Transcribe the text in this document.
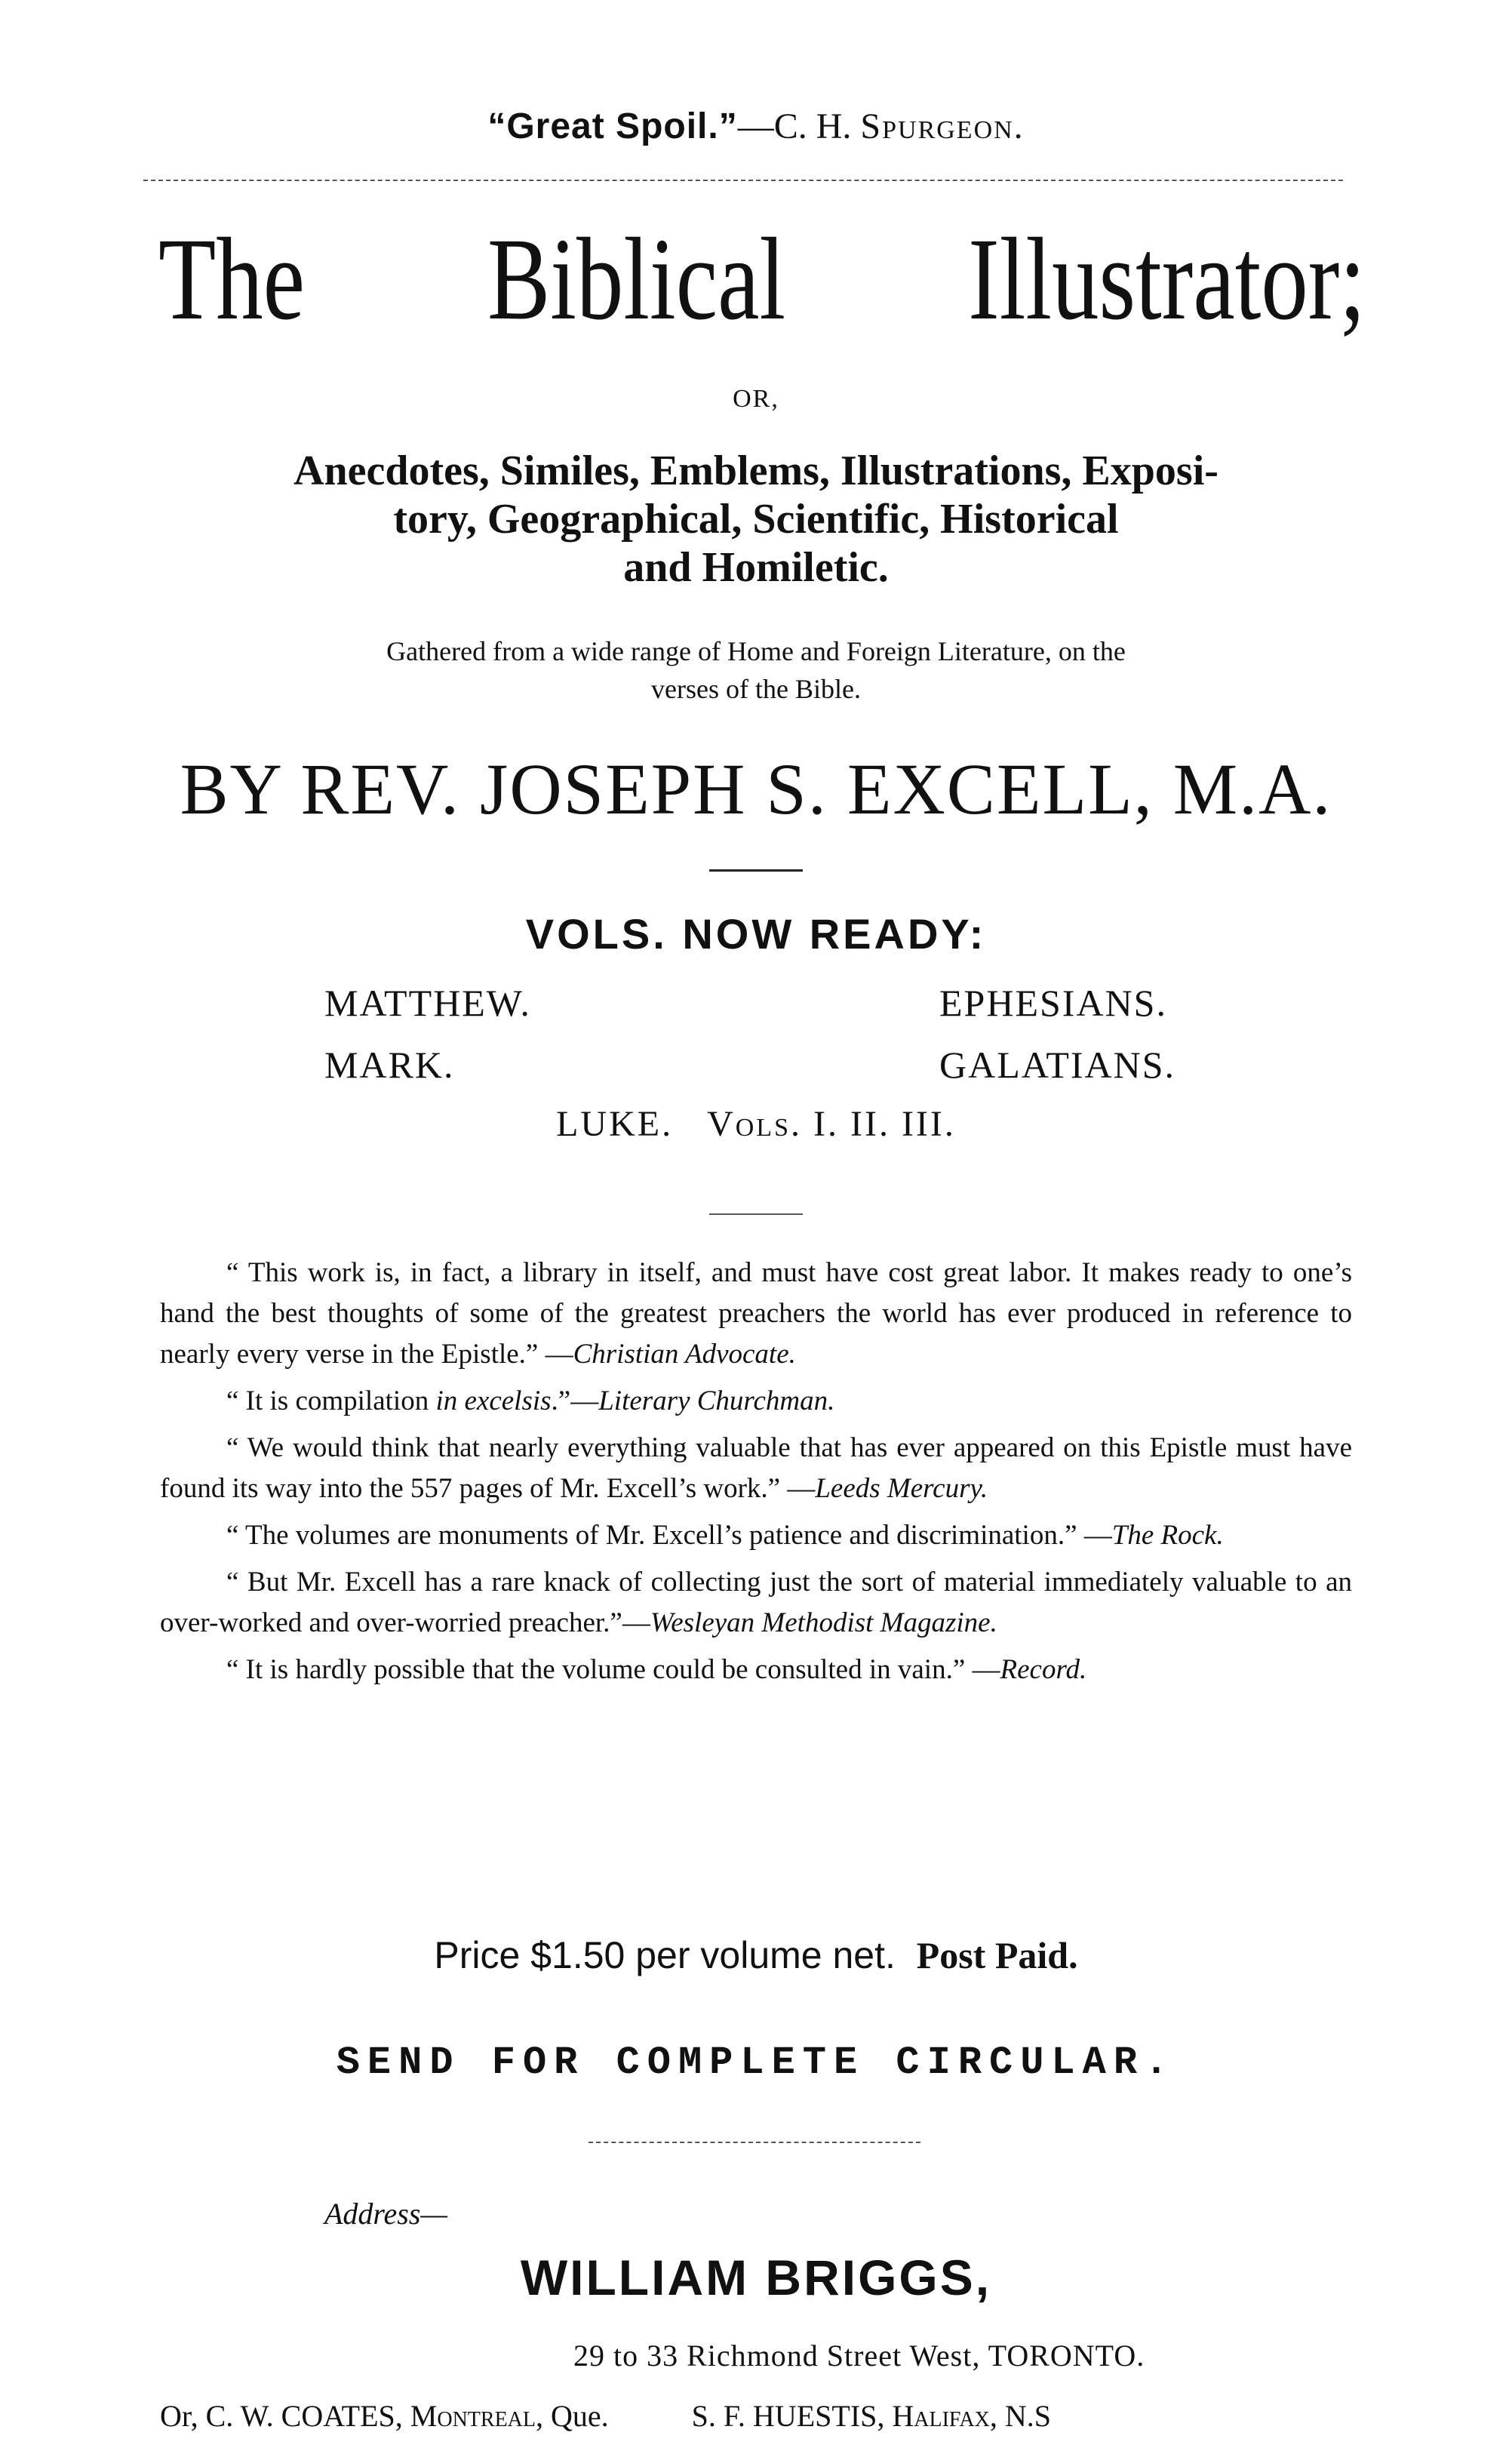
“Great Spoil.”—C. H. Spurgeon.
The Biblical Illustrator;
OR,
Anecdotes, Similes, Emblems, Illustrations, Exposi-
tory, Geographical, Scientific, Historical
and Homiletic.
Gathered from a wide range of Home and Foreign Literature, on the
verses of the Bible.
BY REV. JOSEPH S. EXCELL, M.A.
VOLS. NOW READY:
MATTHEW.
MARK.
EPHESIANS.
GALATIANS.
LUKE. Vols. I. II. III.

“ This work is, in fact, a library in itself, and must have cost great labor. It makes ready to one’s hand the best thoughts of some of the greatest preachers the world has ever produced in reference to nearly every verse in the Epistle.” —Christian Advocate.

“ It is compilation in excelsis.”—Literary Churchman.

“ We would think that nearly everything valuable that has ever appeared on this Epistle must have found its way into the 557 pages of Mr. Excell’s work.” —Leeds Mercury.

“ The volumes are monuments of Mr. Excell’s patience and discrimination.” —The Rock.

“ But Mr. Excell has a rare knack of collecting just the sort of material immediately valuable to an over-worked and over-worried preacher.”—Wesleyan Methodist Magazine.

“ It is hardly possible that the volume could be consulted in vain.” —Record.

Price $1.50 per volume net. Post Paid.
SEND FOR COMPLETE CIRCULAR.
Address—
WILLIAM BRIGGS,
29 to 33 Richmond Street West, TORONTO.
Or, C. W. COATES, Montreal, Que.	S. F. HUESTIS, Halifax, N.S
